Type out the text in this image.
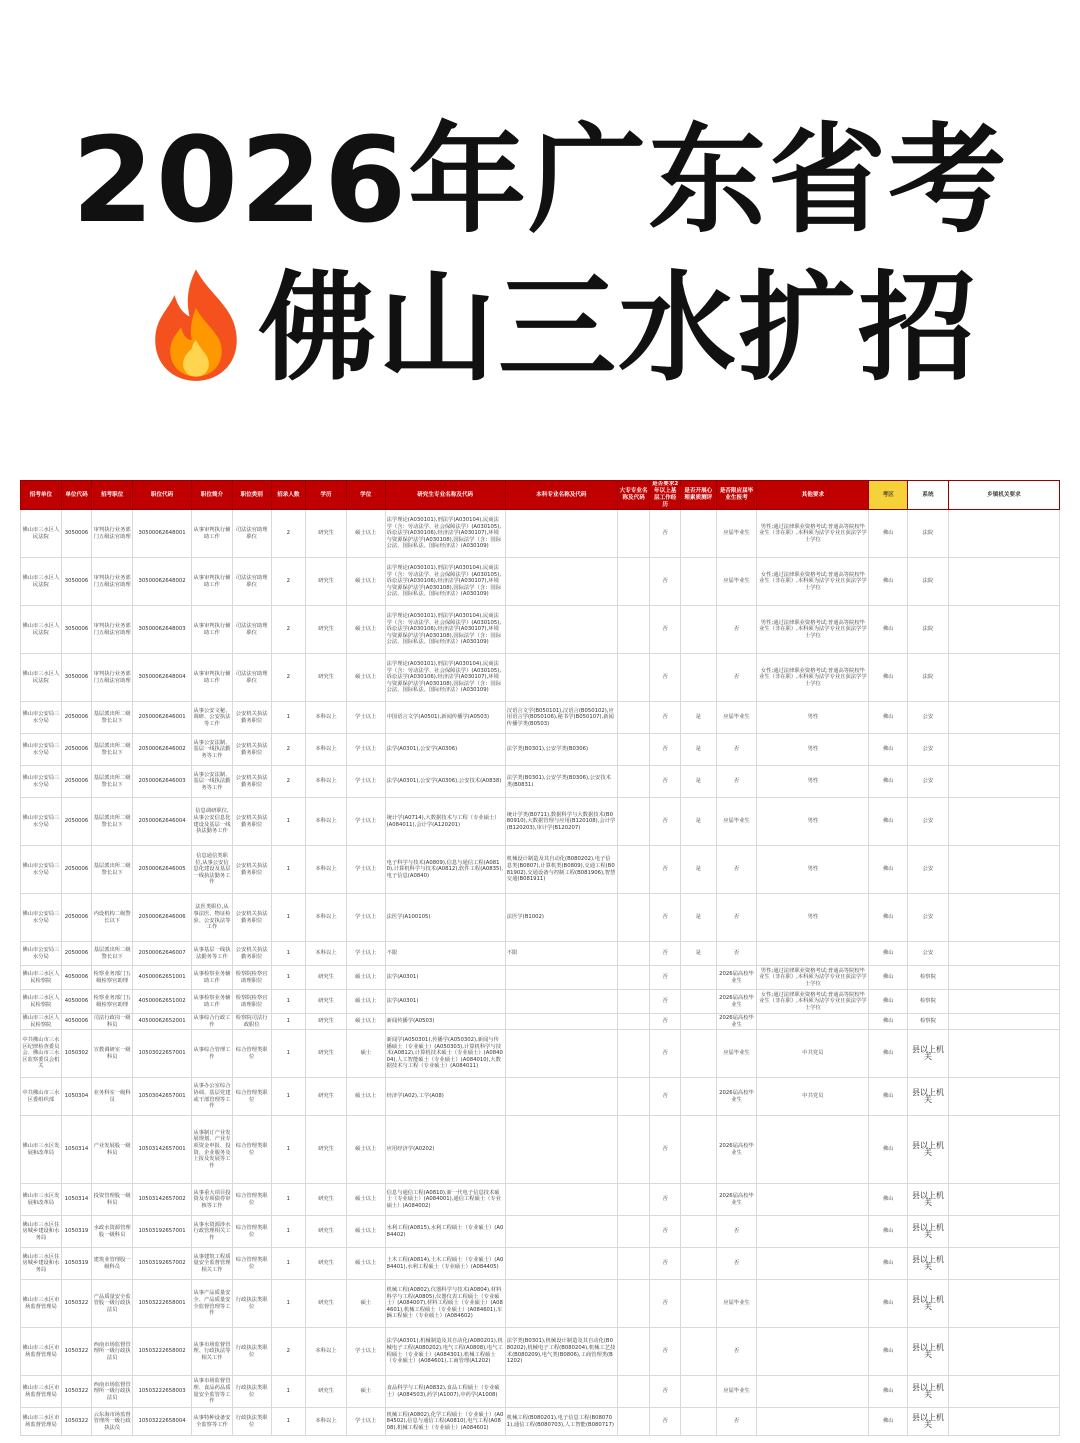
2026年广东省考
佛山三水扩招
招考单位	单位代码	招考职位	职位代码	职位简介	职位类别	招录人数	学历	学位	研究生专业名称及代码	本科专业名称及代码	大专专业名称及代码	是否要求2年以上基层工作经历	是否开展心理素质测评	是否限应届毕业生报考	其他要求	考区	系统	乡镇机关要求
佛山市三水区人民法院	3050006	审判执行业务部门五级法官助理	30500062648001	从事审判执行辅助工作	司法法官助理职位	2	研究生	硕士以上	法学理论(A030101),刑法学(A030104),民商法学（含：劳动法学、社会保障法学）(A030105),诉讼法学(A030106),经济法学(A030107),环境与资源保护法学(A030108),国际法学（含：国际公法、国际私法、国际经济法）(A030109)			否		应届毕业生	男性;通过法律职业资格考试;普通高等院校毕业生（非在职）,本科须为法学专业且获法学学士学位	佛山	法院	
佛山市三水区人民法院	3050006	审判执行业务部门五级法官助理	30500062648002	从事审判执行辅助工作	司法法官助理职位	2	研究生	硕士以上	法学理论(A030101),刑法学(A030104),民商法学（含：劳动法学、社会保障法学）(A030105),诉讼法学(A030106),经济法学(A030107),环境与资源保护法学(A030108),国际法学（含：国际公法、国际私法、国际经济法）(A030109)			否		应届毕业生	女性;通过法律职业资格考试;普通高等院校毕业生（非在职）,本科须为法学专业且获法学学士学位	佛山	法院	
佛山市三水区人民法院	3050006	审判执行业务部门五级法官助理	30500062648003	从事审判执行辅助工作	司法法官助理职位	2	研究生	硕士以上	法学理论(A030101),刑法学(A030104),民商法学（含：劳动法学、社会保障法学）(A030105),诉讼法学(A030106),经济法学(A030107),环境与资源保护法学(A030108),国际法学（含：国际公法、国际私法、国际经济法）(A030109)			否		否	男性;通过法律职业资格考试;普通高等院校毕业生（非在职）,本科须为法学专业且获法学学士学位	佛山	法院	
佛山市三水区人民法院	3050006	审判执行业务部门五级法官助理	30500062648004	从事审判执行辅助工作	司法法官助理职位	2	研究生	硕士以上	法学理论(A030101),刑法学(A030104),民商法学（含：劳动法学、社会保障法学）(A030105),诉讼法学(A030106),经济法学(A030107),环境与资源保护法学(A030108),国际法学（含：国际公法、国际私法、国际经济法）(A030109)			否		否	女性;通过法律职业资格考试;普通高等院校毕业生（非在职）,本科须为法学专业且获法学学士学位	佛山	法院	
佛山市公安局三水分局	2050006	基层派出所二级警长以下	20500062646001	从事公安文秘、调研、公安执法等工作	公安机关执法勤务职位	1	本科以上	学士以上	中国语言文学(A0501),新闻传播学(A0503)	汉语言文学(B050101),汉语言(B050102),应用语言学(B050106),秘书学(B050107),新闻传播学类(B0503)		否	是	应届毕业生	男性	佛山	公安	
佛山市公安局三水分局	2050006	基层派出所二级警长以下	20500062646002	从事公安法制、基层一线执法勤务等工作	公安机关执法勤务职位	2	本科以上	学士以上	法学(A0301),公安学(A0306)	法学类(B0301),公安学类(B0306)		否	是	否	男性	佛山	公安	
佛山市公安局三水分局	2050006	基层派出所二级警长以下	20500062646003	从事公安法制、基层一线执法勤务等工作	公安机关执法勤务职位	2	本科以上	学士以上	法学(A0301),公安学(A0306),公安技术(A0838)	法学类(B0301),公安学类(B0306),公安技术类(B0831)		否	是	否	男性	佛山	公安	
佛山市公安局三水分局	2050006	基层派出所二级警长以下	20500062646004	信息调研职位,从事公安信息化建设及基层一线执法勤务工作	公安机关执法勤务职位	1	本科以上	学士以上	统计学(A0714),大数据技术与工程（专业硕士）(A084011),会计学(A120201)	统计学类(B0711),数据科学与大数据技术(B080910),大数据管理与应用(B120108),会计学(B120203),审计学(B120207)		否	是	应届毕业生	男性	佛山	公安	
佛山市公安局三水分局	2050006	基层派出所二级警长以下	20500062646005	信息通信类职位,从事公安信息化建设及基层一线执法勤务工作	公安机关执法勤务职位	1	本科以上	学士以上	电子科学与技术(A0809),信息与通信工程(A0810),计算机科学与技术(A0812),软件工程(A0835),电子信息(A0840)	机械设计制造及其自动化(B080202),电子信息类(B0807),计算机类(B0809),交通工程(B081902),交通设备与控制工程(B081906),智慧交通(B081911)		否	是	否	男性	佛山	公安	
佛山市公安局三水分局	2050006	内设机构二级警长以下	20500062646006	法医类职位,从事法医、物证检验、公安执法等工作	公安机关执法勤务职位	1	本科以上	学士以上	法医学(A100105)	法医学(B1002)		否	是	否	男性	佛山	公安	
佛山市公安局三水分局	2050006	基层派出所二级警长以下	20500062646007	从事基层一线执法勤务等工作	公安机关执法勤务职位	1	本科以上	学士以上	不限	不限		否	是	否		佛山	公安	
佛山市三水区人民检察院	4050006	检察业务部门五级检察官助理	40500062651001	从事检察业务辅助工作	检察院检察官助理职位	1	研究生	硕士以上	法学(A0301)			否		2026届高校毕业生	男性;通过法律职业资格考试;普通高等院校毕业生（非在职）,本科须为法学专业且获法学学士学位	佛山	检察院	
佛山市三水区人民检察院	4050006	检察业务部门五级检察官助理	40500062651002	从事检察业务辅助工作	检察院检察官助理职位	1	研究生	硕士以上	法学(A0301)			否		2026届高校毕业生	女性;通过法律职业资格考试;普通高等院校毕业生（非在职）,本科须为法学专业且获法学学士学位	佛山	检察院	
佛山市三水区人民检察院	4050006	司法行政岗一级科员	40500062652001	从事综合行政工作	检察院司法行政职位	1	研究生	硕士以上	新闻传播学(A0503)			否		2026届高校毕业生		佛山	检察院	
中共佛山市三水区纪律检查委员会、佛山市三水区监察委员会机关	1050302	宣教调研室一级科员	10503022657001	从事综合管理工作	综合管理类职位	1	研究生	硕士	新闻学(A050301),传播学(A050302),新闻与传播硕士（专业硕士）(A050303),计算机科学与技术(A0812),计算机技术硕士（专业硕士）(A084004),人工智能硕士（专业硕士）(A084010),大数据技术与工程（专业硕士）(A084011)			否		应届毕业生	中共党员	佛山	县以上机关	
中共佛山市三水区委组织部	1050304	业务科室一级科员	10503042657001	从事办公室综合协调、基层党建或干部管理等工作	综合管理类职位	1	研究生	硕士以上	经济学(A02),工学(A08)			否		2026届高校毕业生	中共党员	佛山	县以上机关	
佛山市三水区发展和改革局	1050314	产业发展股一级科员	10503142657001	从事制订产业发展规划、产业专项资金申报、投资、企业服务及上报及发展等工作	综合管理类职位	1	研究生	硕士以上	应用经济学(A0202)			否		2026届高校毕业生		佛山	县以上机关	
佛山市三水区发展和改革局	1050314	投资管理股一级科员	10503142657002	从事重大项目投资及专项债券审核等工作	综合管理类职位	1	研究生	硕士以上	信息与通信工程(A0810),新一代电子信息技术硕士（专业硕士）(A084001),通信工程硕士（专业硕士）(A084002)			否		2026届高校毕业生		佛山	县以上机关	
佛山市三水区住房城乡建设和水务局	1050319	水政水资源管理股一级科员	10503192657001	从事水资源涉水行政管理相关工作	综合管理类职位	1	研究生	硕士以上	水利工程(A0815),水利工程硕士（专业硕士）(A084402)			否		否		佛山	县以上机关	
佛山市三水区住房城乡建设和水务局	1050319	建筑业管理股一级科员	10503192657002	从事建筑工程质量安全监督管理相关工作	综合管理类职位	1	研究生	硕士以上	土木工程(A0814),土木工程硕士（专业硕士）(A084401),水利工程硕士（专业硕士）(A084405)			否		否		佛山	县以上机关	
佛山市三水区市场监督管理局	1050322	产品质量安全监管股一级行政执法员	10503222658001	从事产品质量安全、产品质量安全监督管理等工作	行政执法类职位	1	研究生	硕士	机械工程(A0802),仪器科学与技术(A0804),材料科学与工程(A0805),仪器仪表工程硕士（专业硕士）(A084007),材料工程硕士（专业硕士）(A084601),机械工程硕士（专业硕士）(A084601),车辆工程硕士（专业硕士）(A084602)			否		应届毕业生		佛山	县以上机关	
佛山市三水区市场监督管理局	1050322	西南市场监督管理所一级行政执法员	10503222658002	从事市场监督管理、行政执法等相关工作	行政执法类职位	2	本科以上	学士以上	法学(A0301),机械制造及其自动化(A080201),机械电子工程(A080202),电气工程(A0808),电气工程硕士（专业硕士）(A084301),机械工程硕士（专业硕士）(A084601),工商管理(A1202)	法学类(B0301),机械设计制造及其自动化(B080202),机械电子工程(B080204),机械工艺技术(B080209),电气类(B0806),工商管理类(B1202)		否		否		佛山	县以上机关	
佛山市三水区市场监督管理局	1050322	西南市场监督管理所一级行政执法员	10503222658003	从事市场监督管理、食品药品质量安全监管等工作	行政执法类职位	1	研究生	硕士	食品科学与工程(A0832),食品工程硕士（专业硕士）(A084503),药学(A1007),中药学(A1008)			否		应届毕业生		佛山	县以上机关	
佛山市三水区市场监督管理局	1050322	云东海市场监督管理所一级行政执法员	10503222658004	从事特种设备安全监察等工作	行政执法类职位	1	本科以上	学士以上	机械工程(A0802),化学工程硕士（专业硕士）(A084502),信息与通信工程(A0810),电气工程(A0808),机械工程硕士（专业硕士）(A084601)	机械工程(B080201),电子信息工程(B080701),通信工程(B080703),人工智能(B080717)		否		否		佛山	县以上机关	
